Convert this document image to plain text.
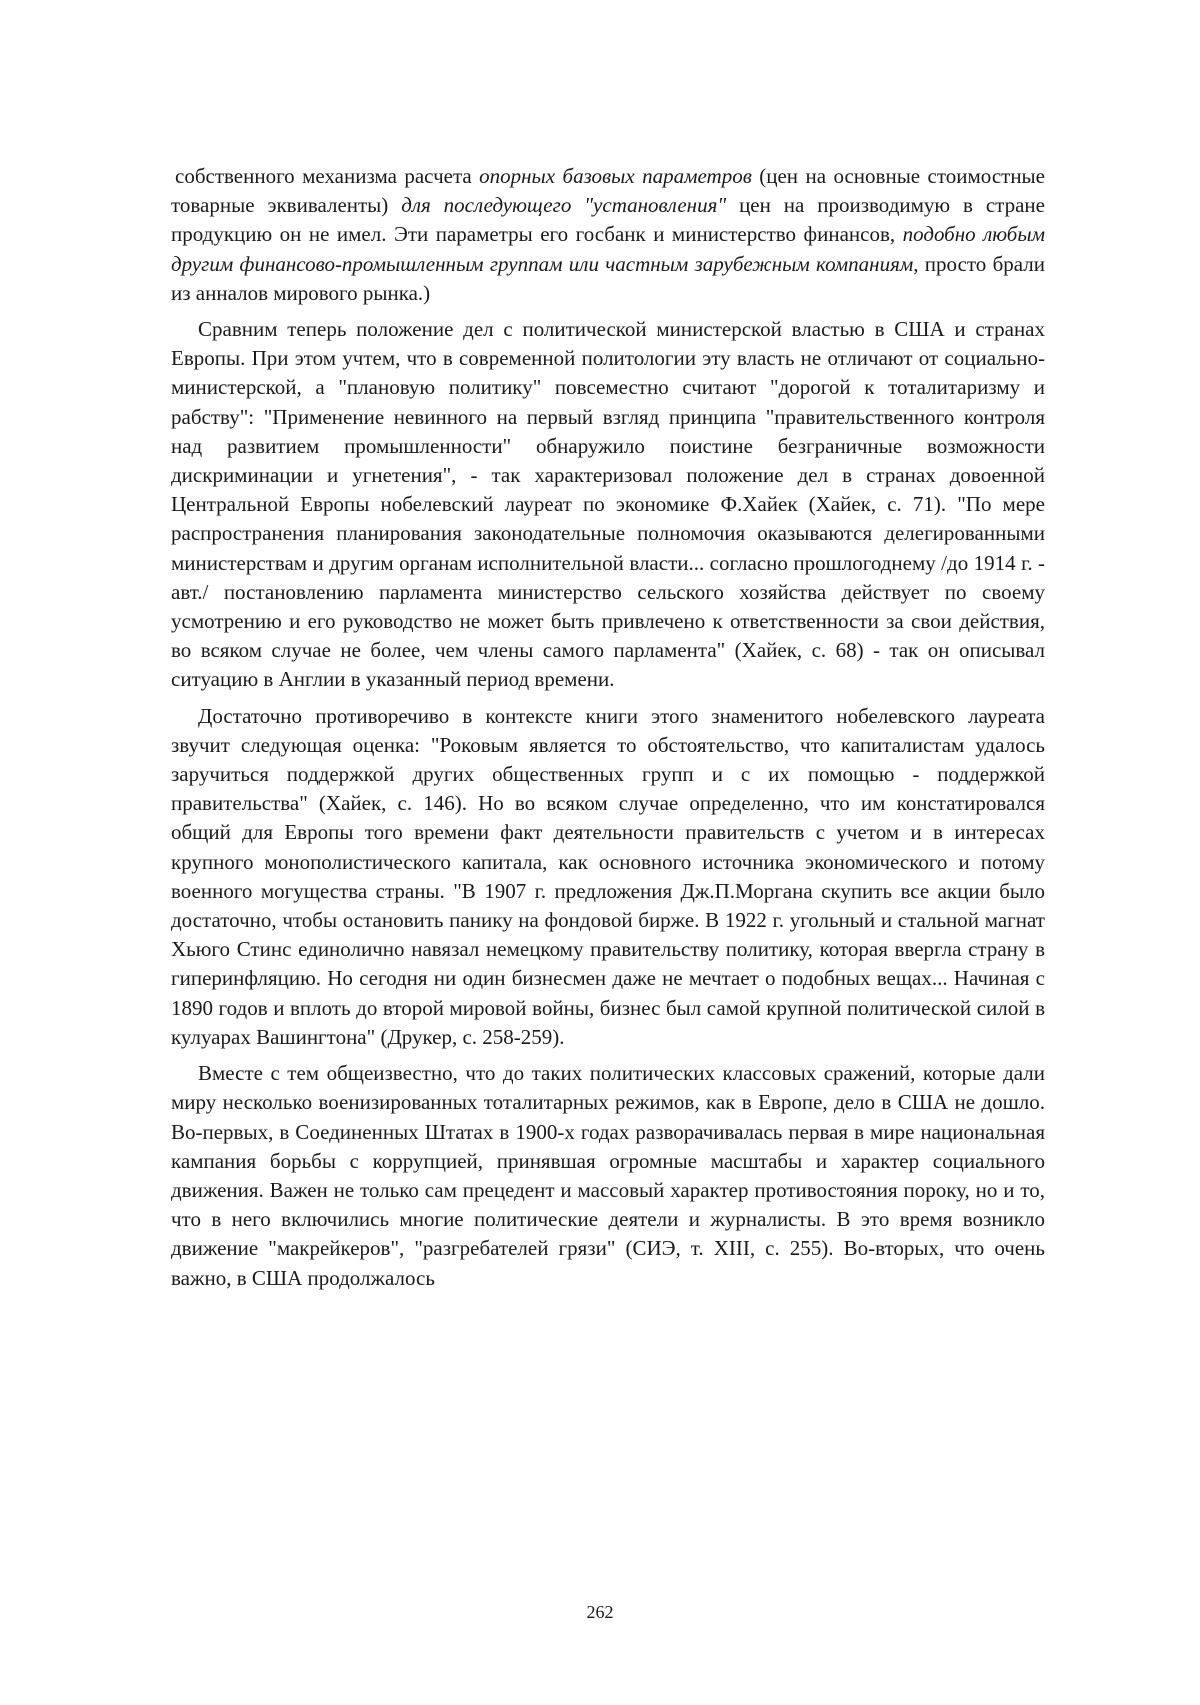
собственного механизма расчета опорных базовых параметров (цен на основные стоимостные товарные эквиваленты) для последующего "установления" цен на производимую в стране продукцию он не имел. Эти параметры его госбанк и министерство финансов, подобно любым другим финансово-промышленным группам или частным зарубежным компаниям, просто брали из анналов мирового рынка.)

Сравним теперь положение дел с политической министерской властью в США и странах Европы. При этом учтем, что в современной политологии эту власть не отличают от социально-министерской, а "плановую политику" повсеместно считают "дорогой к тоталитаризму и рабству": "Применение невинного на первый взгляд принципа "правительственного контроля над развитием промышленности" обнаружило поистине безграничные возможности дискриминации и угнетения", - так характеризовал положение дел в странах довоенной Центральной Европы нобелевский лауреат по экономике Ф.Хайек (Хайек, с. 71). "По мере распространения планирования законодательные полномочия оказываются делегированными министерствам и другим органам исполнительной власти... согласно прошлогоднему /до 1914 г. - авт./ постановлению парламента министерство сельского хозяйства действует по своему усмотрению и его руководство не может быть привлечено к ответственности за свои действия, во всяком случае не более, чем члены самого парламента" (Хайек, с. 68) - так он описывал ситуацию в Англии в указанный период времени.

Достаточно противоречиво в контексте книги этого знаменитого нобелевского лауреата звучит следующая оценка: "Роковым является то обстоятельство, что капиталистам удалось заручиться поддержкой других общественных групп и с их помощью - поддержкой правительства" (Хайек, с. 146). Но во всяком случае определенно, что им констатировался общий для Европы того времени факт деятельности правительств с учетом и в интересах крупного монополистического капитала, как основного источника экономического и потому военного могущества страны. "В 1907 г. предложения Дж.П.Моргана скупить все акции было достаточно, чтобы остановить панику на фондовой бирже. В 1922 г. угольный и стальной магнат Хьюго Стинс единолично навязал немецкому правительству политику, которая ввергла страну в гиперинфляцию. Но сегодня ни один бизнесмен даже не мечтает о подобных вещах... Начиная с 1890 годов и вплоть до второй мировой войны, бизнес был самой крупной политической силой в кулуарах Вашингтона" (Друкер, с. 258-259).

Вместе с тем общеизвестно, что до таких политических классовых сражений, которые дали миру несколько военизированных тоталитарных режимов, как в Европе, дело в США не дошло. Во-первых, в Соединенных Штатах в 1900-х годах разворачивалась первая в мире национальная кампания борьбы с коррупцией, принявшая огромные масштабы и характер социального движения. Важен не только сам прецедент и массовый характер противостояния пороку, но и то, что в него включились многие политические деятели и журналисты. В это время возникло движение "макрейкеров", "разгребателей грязи" (СИЭ, т. XIII, с. 255). Во-вторых, что очень важно, в США продолжалось

262
